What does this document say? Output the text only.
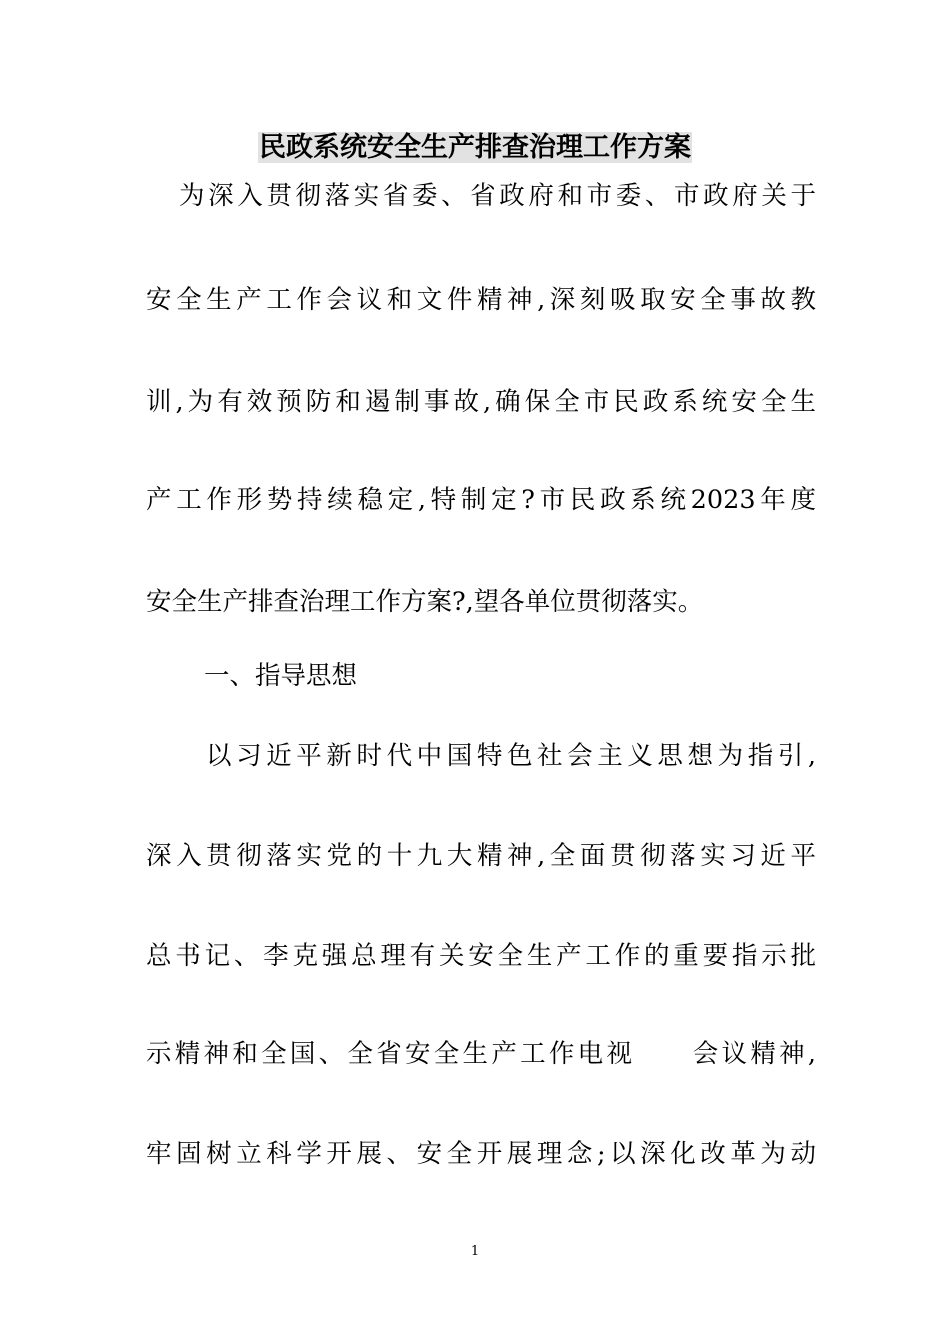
民政系统安全生产排查治理工作方案
为深入贯彻落实省委、省政府和市委、市政府关于
安全生产工作会议和文件精神,深刻吸取安全事故教
训,为有效预防和遏制事故,确保全市民政系统安全生
产工作形势持续稳定,特制定?市民政系统2023年度
安全生产排查治理工作方案?,望各单位贯彻落实。
一、指导思想
以习近平新时代中国特色社会主义思想为指引,
深入贯彻落实党的十九大精神,全面贯彻落实习近平
总书记、李克强总理有关安全生产工作的重要指示批
示精神和全国、全省安全生产工作电视　　会议精神,
牢固树立科学开展、安全开展理念;以深化改革为动
1
